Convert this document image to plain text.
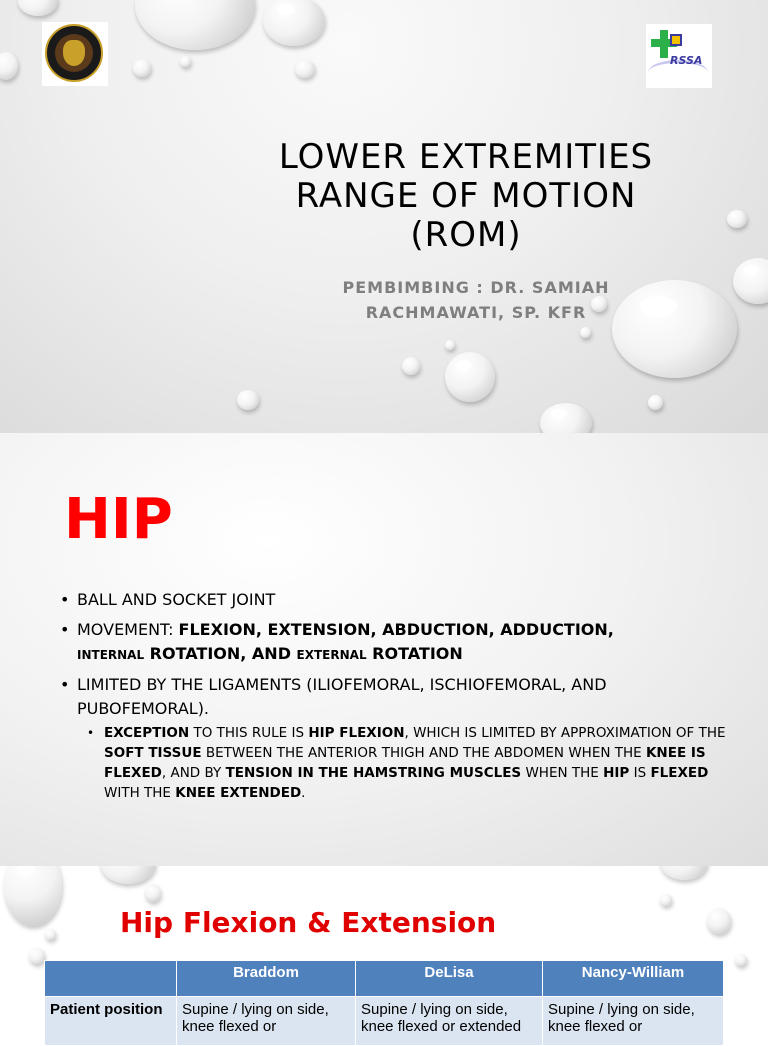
RSSA
LOWER EXTREMITIES
RANGE OF MOTION
(ROM)

PEMBIMBING : DR. SAMIAH
RACHMAWATI, SP. KFR

HIP
• BALL AND SOCKET JOINT
• MOVEMENT: FLEXION, EXTENSION, ABDUCTION, ADDUCTION,
INTERNAL ROTATION, AND EXTERNAL ROTATION
• LIMITED BY THE LIGAMENTS (ILIOFEMORAL, ISCHIOFEMORAL, AND PUBOFEMORAL).
• EXCEPTION TO THIS RULE IS HIP FLEXION, WHICH IS LIMITED BY APPROXIMATION OF THE SOFT TISSUE BETWEEN THE ANTERIOR THIGH AND THE ABDOMEN WHEN THE KNEE IS FLEXED, AND BY TENSION IN THE HAMSTRING MUSCLES WHEN THE HIP IS FLEXED WITH THE KNEE EXTENDED.
Hip Flexion & Extension
	Braddom	DeLisa	Nancy-William
Patient position	Supine / lying on side, knee flexed or	Supine / lying on side, knee flexed or extended	Supine / lying on side, knee flexed or
